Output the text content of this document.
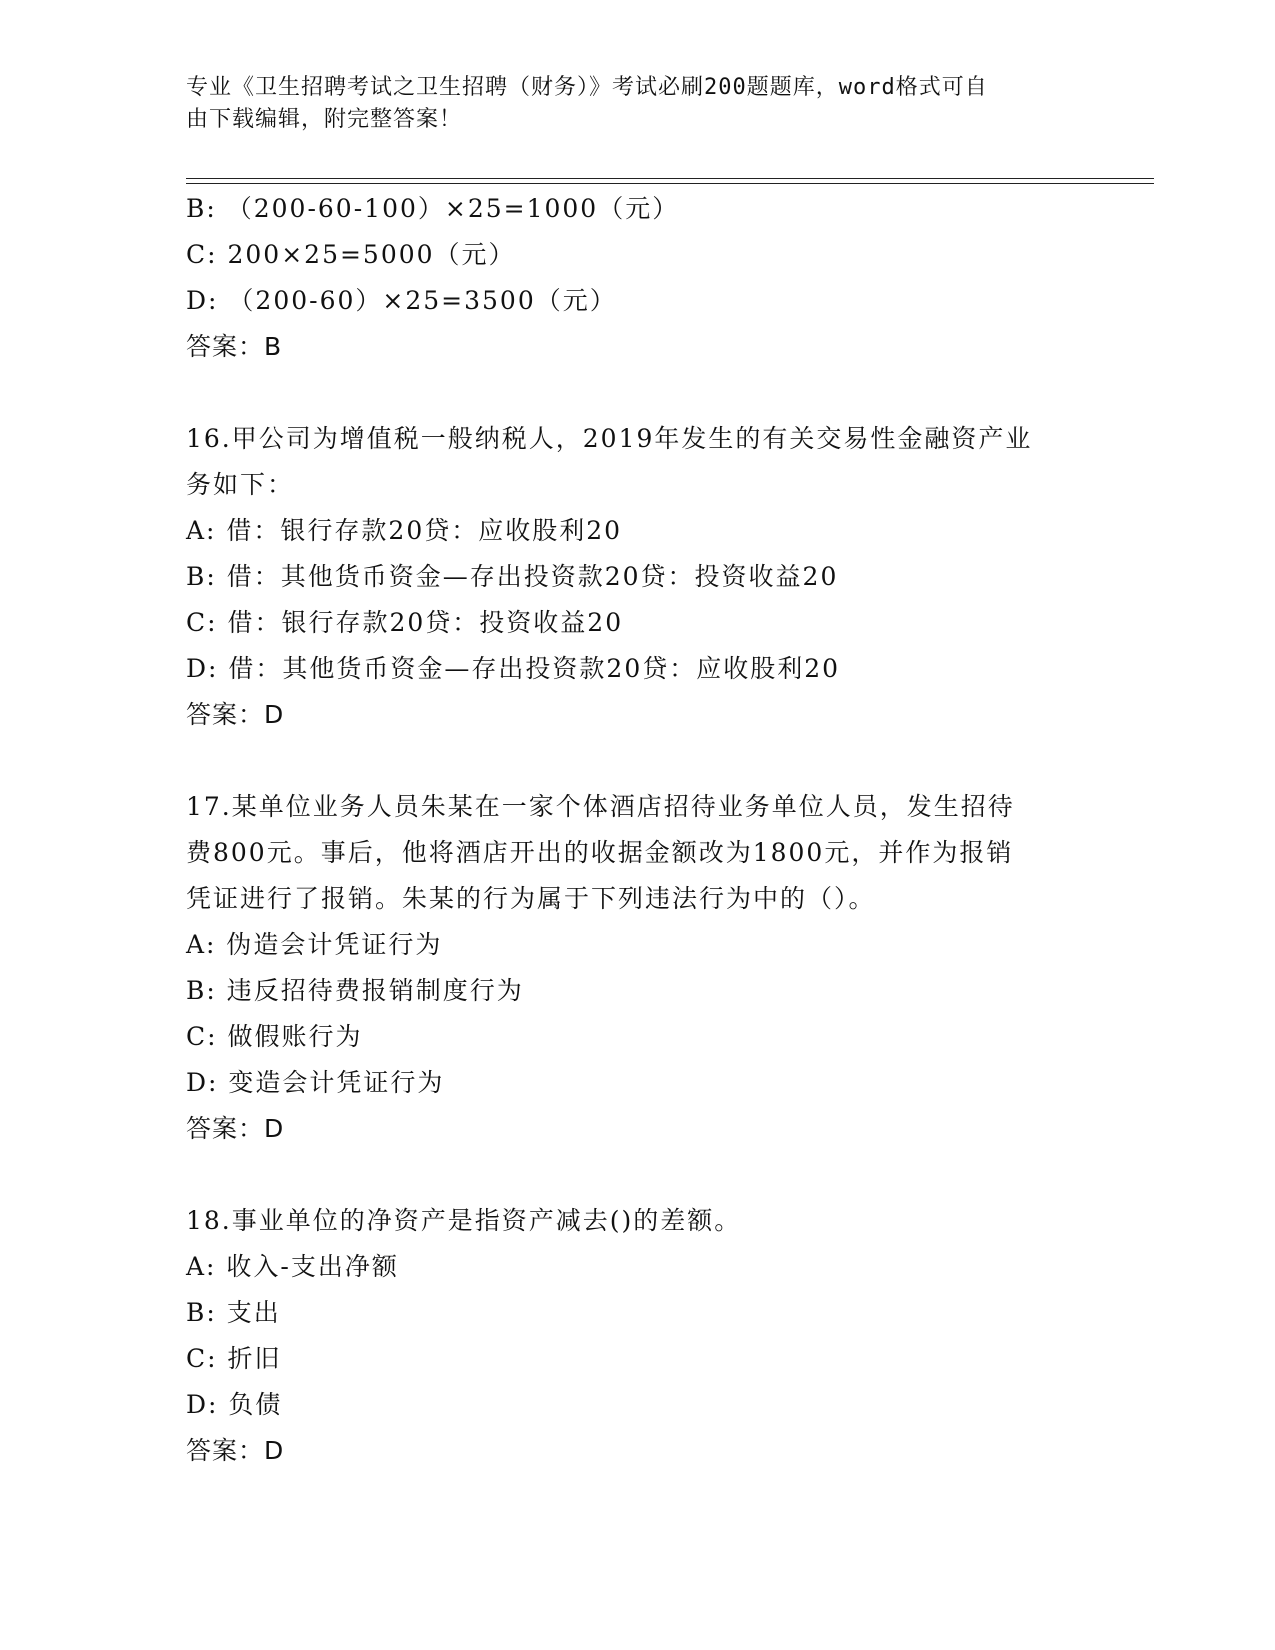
专业《卫生招聘考试之卫生招聘（财务）》考试必刷200题题库，word格式可自
由下载编辑，附完整答案！
B: （200-60-100）×25=1000（元）
C: 200×25=5000（元）
D: （200-60）×25=3500（元）
答案：B
16.甲公司为增值税一般纳税人，2019年发生的有关交易性金融资产业
务如下：
A: 借：银行存款20贷：应收股利20
B: 借：其他货币资金—存出投资款20贷：投资收益20
C: 借：银行存款20贷：投资收益20
D: 借：其他货币资金—存出投资款20贷：应收股利20
答案：D
17.某单位业务人员朱某在一家个体酒店招待业务单位人员，发生招待
费800元。事后，他将酒店开出的收据金额改为1800元，并作为报销
凭证进行了报销。朱某的行为属于下列违法行为中的（）。
A: 伪造会计凭证行为
B: 违反招待费报销制度行为
C: 做假账行为
D: 变造会计凭证行为
答案：D
18.事业单位的净资产是指资产减去()的差额。
A: 收入-支出净额
B: 支出
C: 折旧
D: 负债
答案：D
